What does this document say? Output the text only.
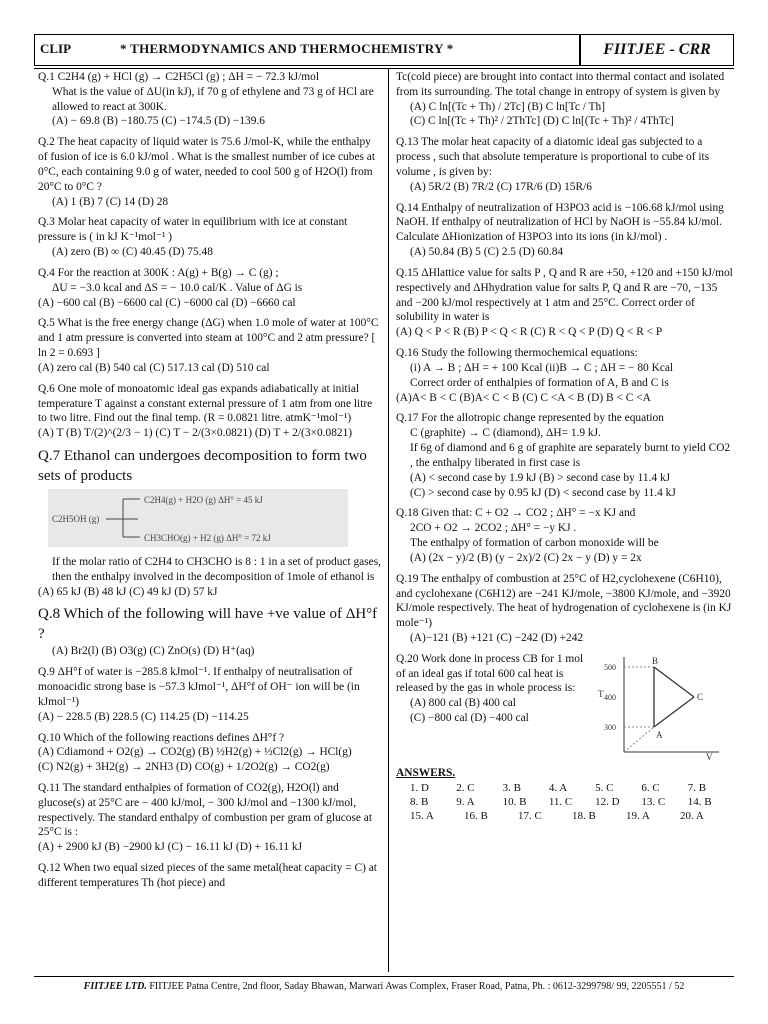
CLIP	* THERMODYNAMICS AND THERMOCHEMISTRY *	FIITJEE - CRR

Q.1 C2H4 (g) + HCl (g) → C2H5Cl (g) ; ΔH = − 72.3 kJ/mol

What is the value of ΔU(in kJ), if 70 g of ethylene and 73 g of HCl are allowed to react at 300K.

(A) − 69.8 (B) −180.75 (C) −174.5 (D) −139.6

Q.2 The heat capacity of liquid water is 75.6 J/mol-K, while the enthalpy of fusion of ice is 6.0 kJ/mol . What is the smallest number of ice cubes at 0°C, each containing 9.0 g of water, needed to cool 500 g of H2O(l) from 20°C to 0°C ?

(A) 1 (B) 7 (C) 14 (D) 28

Q.3 Molar heat capacity of water in equilibrium with ice at constant pressure is ( in kJ K⁻¹mol⁻¹ )

(A) zero (B) ∞ (C) 40.45 (D) 75.48

Q.4 For the reaction at 300K : A(g) + B(g) → C (g) ;

ΔU = −3.0 kcal and ΔS = − 10.0 cal/K . Value of ΔG is

(A) −600 cal (B) −6600 cal (C) −6000 cal (D) −6660 cal

Q.5 What is the free energy change (ΔG) when 1.0 mole of water at 100°C and 1 atm pressure is converted into steam at 100°C and 2 atm pressure? [ ln 2 = 0.693 ]

(A) zero cal (B) 540 cal (C) 517.13 cal (D) 510 cal

Q.6 One mole of monoatomic ideal gas expands adiabatically at initial temperature T against a constant external pressure of 1 atm from one litre to two litre. Find out the final temp. (R = 0.0821 litre. atmK⁻¹mol⁻¹)

(A) T (B) T/(2)^(2/3 − 1) (C) T − 2/(3×0.0821) (D) T + 2/(3×0.0821)

Q.7 Ethanol can undergoes decomposition to form two sets of products

C2H4(g) + H2O (g) ΔH° = 45 kJ
C2H5OH (g)
CH3CHO(g) + H2 (g) ΔH° = 72 kJ

If the molar ratio of C2H4 to CH3CHO is 8 : 1 in a set of product gases, then the enthalpy involved in the decomposition of 1mole of ethanol is

(A) 65 kJ (B) 48 kJ (C) 49 kJ (D) 57 kJ

Q.8 Which of the following will have +ve value of ΔH°f ?

(A) Br2(l) (B) O3(g) (C) ZnO(s) (D) H⁺(aq)

Q.9 ΔH°f of water is −285.8 kJmol⁻¹. If enthalpy of neutralisation of monoacidic strong base is −57.3 kJmol⁻¹, ΔH°f of OH⁻ ion will be (in kJmol⁻¹)

(A) − 228.5 (B) 228.5 (C) 114.25 (D) −114.25

Q.10 Which of the following reactions defines ΔH°f ?

(A) Cdiamond + O2(g) → CO2(g) (B) ½H2(g) + ½Cl2(g) → HCl(g)

(C) N2(g) + 3H2(g) → 2NH3 (D) CO(g) + 1/2O2(g) → CO2(g)

Q.11 The standard enthalpies of formation of CO2(g), H2O(l) and glucose(s) at 25°C are − 400 kJ/mol, − 300 kJ/mol and −1300 kJ/mol, respectively. The standard enthalpy of combustion per gram of glucose at 25°C is :

(A) + 2900 kJ (B) −2900 kJ (C) − 16.11 kJ (D) + 16.11 kJ

Q.12 When two equal sized pieces of the same metal(heat capacity = C) at different temperatures Th (hot piece) and

Tc(cold piece) are brought into contact into thermal contact and isolated from its surrounding. The total change in entropy of system is given by

(A) C ln[(Tc + Th) / 2Tc] (B) C ln[Tc / Th]

(C) C ln[(Tc + Th)² / 2ThTc] (D) C ln[(Tc + Th)² / 4ThTc]

Q.13 The molar heat capacity of a diatomic ideal gas subjected to a process , such that absolute temperature is proportional to cube of its volume , is given by:

(A) 5R/2 (B) 7R/2 (C) 17R/6 (D) 15R/6

Q.14 Enthalpy of neutralization of H3PO3 acid is −106.68 kJ/mol using NaOH. If enthalpy of neutralization of HCl by NaOH is −55.84 kJ/mol. Calculate ΔHionization of H3PO3 into its ions (in kJ/mol) .

(A) 50.84 (B) 5 (C) 2.5 (D) 60.84

Q.15 ΔHlattice value for salts P , Q and R are +50, +120 and +150 kJ/mol respectively and ΔHhydration value for salts P, Q and R are −70, −135 and −200 kJ/mol respectively at 1 atm and 25°C. Correct order of solubility in water is

(A) Q < P < R (B) P < Q < R (C) R < Q < P (D) Q < R < P

Q.16 Study the following thermochemical equations:

(i) A → B ; ΔH = + 100 Kcal (ii)B → C ; ΔH = − 80 Kcal

Correct order of enthalpies of formation of A, B and C is

(A)A< B < C (B)A< C < B (C) C <A < B (D) B < C <A

Q.17 For the allotropic change represented by the equation

C (graphite) → C (diamond), ΔH= 1.9 kJ.

If 6g of diamond and 6 g of graphite are separately burnt to yield CO2 , the enthalpy liberated in first case is

(A) < second case by 1.9 kJ (B) > second case by 11.4 kJ

(C) > second case by 0.95 kJ (D) < second case by 11.4 kJ

Q.18 Given that: C + O2 → CO2 ; ΔH° = −x KJ and

2CO + O2 → 2CO2 ; ΔH° = −y KJ .

The enthalpy of formation of carbon monoxide will be

(A) (2x − y)/2 (B) (y − 2x)/2 (C) 2x − y (D) y = 2x

Q.19 The enthalpy of combustion at 25°C of H2,cyclohexene (C6H10), and cyclohexane (C6H12) are −241 KJ/mole, −3800 KJ/mole, and −3920 KJ/mole respectively. The heat of hydrogenation of cyclohexene is (in KJ mole⁻¹)

(A)−121 (B) +121 (C) −242 (D) +242

Q.20 Work done in process CB for 1 mol of an ideal gas if total 600 cal heat is released by the gas in whole process is:

(A) 800 cal (B) 400 cal

(C) −800 cal (D) −400 cal

T
V
500
400
300
B
C
A

ANSWERS.

1. D	2. C	3. B	4. A	5. C	6. C	7. B
8. B	9. A	10. B	11. C	12. D	13. C	14. B
15. A	16. B	17. C	18. B	19. A	20. A
FIITJEE LTD. FIITJEE Patna Centre, 2nd floor, Saday Bhawan, Marwari Awas Complex, Fraser Road, Patna, Ph. : 0612-3299798/ 99, 2205551 / 52
